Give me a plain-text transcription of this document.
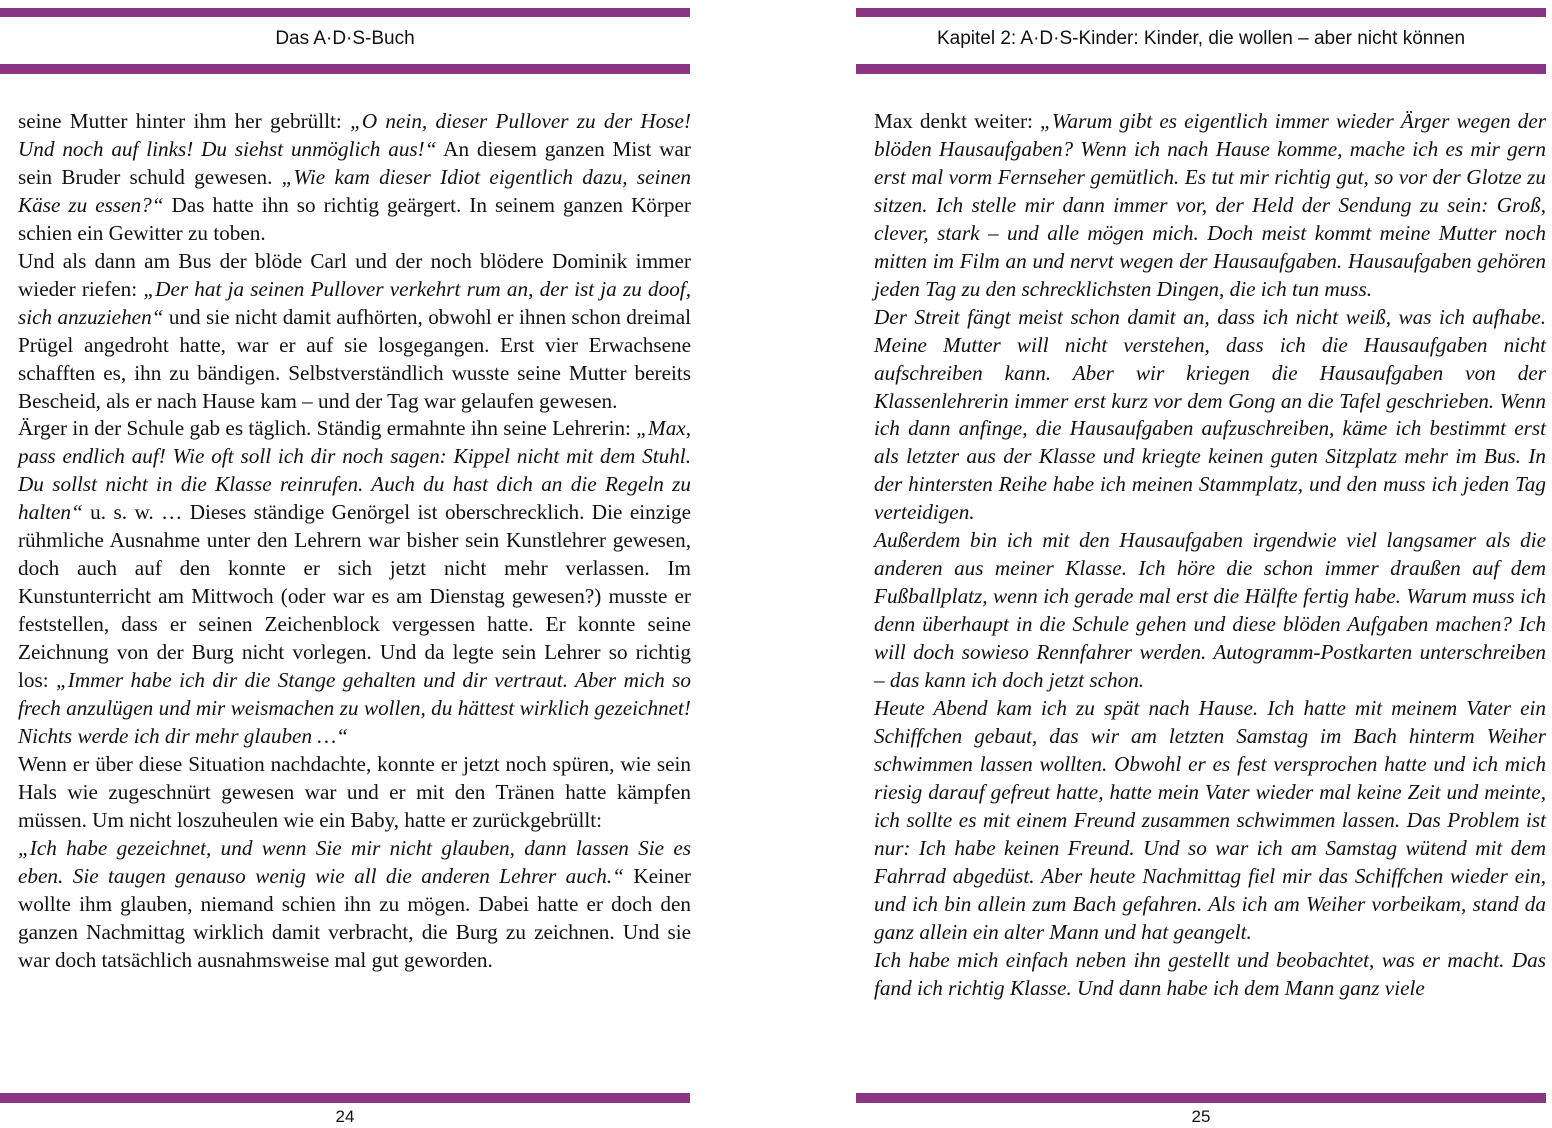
Das A·D·S-Buch

seine Mutter hinter ihm her gebrüllt: „O nein, dieser Pullover zu der Hose! Und noch auf links! Du siehst unmöglich aus!“ An diesem ganzen Mist war sein Bruder schuld gewesen. „Wie kam dieser Idiot eigentlich dazu, seinen Käse zu essen?“ Das hatte ihn so richtig geärgert. In seinem ganzen Körper schien ein Gewitter zu toben.

Und als dann am Bus der blöde Carl und der noch blödere Dominik immer wieder riefen: „Der hat ja seinen Pullover verkehrt rum an, der ist ja zu doof, sich anzuziehen“ und sie nicht damit aufhörten, obwohl er ihnen schon dreimal Prügel angedroht hatte, war er auf sie losgegangen. Erst vier Erwachsene schafften es, ihn zu bändigen. Selbstverständlich wusste seine Mutter bereits Bescheid, als er nach Hause kam – und der Tag war gelaufen gewesen.

Ärger in der Schule gab es täglich. Ständig ermahnte ihn seine Lehrerin: „Max, pass endlich auf! Wie oft soll ich dir noch sagen: Kippel nicht mit dem Stuhl. Du sollst nicht in die Klasse reinrufen. Auch du hast dich an die Regeln zu halten“ u. s. w. … Dieses ständige Genörgel ist oberschrecklich. Die einzige rühmliche Ausnahme unter den Lehrern war bisher sein Kunstlehrer gewesen, doch auch auf den konnte er sich jetzt nicht mehr verlassen. Im Kunstunterricht am Mittwoch (oder war es am Dienstag gewesen?) musste er feststellen, dass er seinen Zeichenblock vergessen hatte. Er konnte seine Zeichnung von der Burg nicht vorlegen. Und da legte sein Lehrer so richtig los: „Immer habe ich dir die Stange gehalten und dir vertraut. Aber mich so frech anzulügen und mir weismachen zu wollen, du hättest wirklich gezeichnet! Nichts werde ich dir mehr glauben …“

Wenn er über diese Situation nachdachte, konnte er jetzt noch spüren, wie sein Hals wie zugeschnürt gewesen war und er mit den Tränen hatte kämpfen müssen. Um nicht loszuheulen wie ein Baby, hatte er zurückgebrüllt:

„Ich habe gezeichnet, und wenn Sie mir nicht glauben, dann lassen Sie es eben. Sie taugen genauso wenig wie all die anderen Lehrer auch.“ Keiner wollte ihm glauben, niemand schien ihn zu mögen. Dabei hatte er doch den ganzen Nachmittag wirklich damit verbracht, die Burg zu zeichnen. Und sie war doch tatsächlich ausnahmsweise mal gut geworden.

24
Kapitel 2: A·D·S-Kinder: Kinder, die wollen – aber nicht können

Max denkt weiter: „Warum gibt es eigentlich immer wieder Ärger wegen der blöden Hausaufgaben? Wenn ich nach Hause komme, mache ich es mir gern erst mal vorm Fernseher gemütlich. Es tut mir richtig gut, so vor der Glotze zu sitzen. Ich stelle mir dann immer vor, der Held der Sendung zu sein: Groß, clever, stark – und alle mögen mich. Doch meist kommt meine Mutter noch mitten im Film an und nervt wegen der Hausaufgaben. Hausaufgaben gehören jeden Tag zu den schrecklichsten Dingen, die ich tun muss.

Der Streit fängt meist schon damit an, dass ich nicht weiß, was ich aufhabe. Meine Mutter will nicht verstehen, dass ich die Hausaufgaben nicht aufschreiben kann. Aber wir kriegen die Hausaufgaben von der Klassenlehrerin immer erst kurz vor dem Gong an die Tafel geschrieben. Wenn ich dann anfinge, die Hausaufgaben aufzuschreiben, käme ich bestimmt erst als letzter aus der Klasse und kriegte keinen guten Sitzplatz mehr im Bus. In der hintersten Reihe habe ich meinen Stammplatz, und den muss ich jeden Tag verteidigen.

Außerdem bin ich mit den Hausaufgaben irgendwie viel langsamer als die anderen aus meiner Klasse. Ich höre die schon immer draußen auf dem Fußballplatz, wenn ich gerade mal erst die Hälfte fertig habe. Warum muss ich denn überhaupt in die Schule gehen und diese blöden Aufgaben machen? Ich will doch sowieso Rennfahrer werden. Autogramm-Postkarten unterschreiben – das kann ich doch jetzt schon.

Heute Abend kam ich zu spät nach Hause. Ich hatte mit meinem Vater ein Schiffchen gebaut, das wir am letzten Samstag im Bach hinterm Weiher schwimmen lassen wollten. Obwohl er es fest versprochen hatte und ich mich riesig darauf gefreut hatte, hatte mein Vater wieder mal keine Zeit und meinte, ich sollte es mit einem Freund zusammen schwimmen lassen. Das Problem ist nur: Ich habe keinen Freund. Und so war ich am Samstag wütend mit dem Fahrrad abgedüst. Aber heute Nachmittag fiel mir das Schiffchen wieder ein, und ich bin allein zum Bach gefahren. Als ich am Weiher vorbeikam, stand da ganz allein ein alter Mann und hat geangelt.

Ich habe mich einfach neben ihn gestellt und beobachtet, was er macht. Das fand ich richtig Klasse. Und dann habe ich dem Mann ganz viele

25
